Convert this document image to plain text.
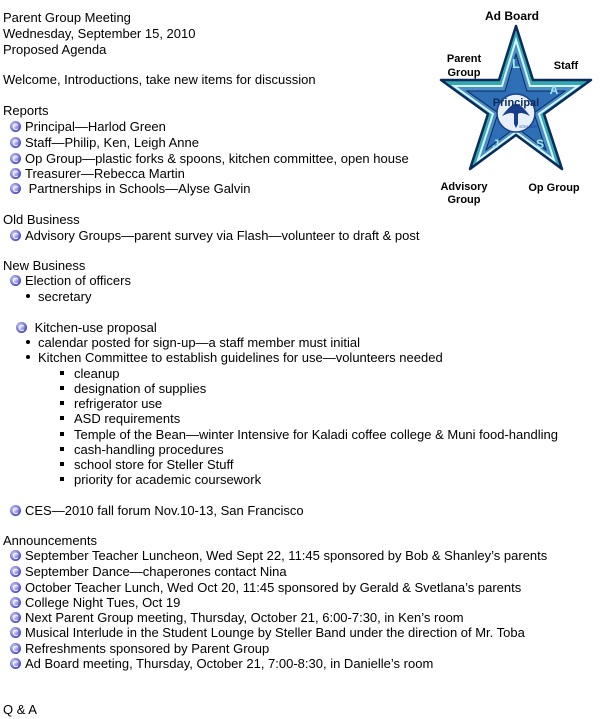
Parent Group Meeting
Wednesday, September 15, 2010
Proposed Agenda
Welcome, Introductions, take new items for discussion
Reports
Principal—Harlod Green
Staff—Philip, Ken, Leigh Anne
Op Group—plastic forks & spoons, kitchen committee, open house
Treasurer—Rebecca Martin
Partnerships in Schools—Alyse Galvin
Old Business
Advisory Groups—parent survey via Flash—volunteer to draft & post
New Business
Election of officers
secretary
Kitchen-use proposal
calendar posted for sign-up—a staff member must initial
Kitchen Committee to establish guidelines for use—volunteers needed
cleanup
designation of supplies
refrigerator use
ASD requirements
Temple of the Bean—winter Intensive for Kaladi coffee college & Muni food-handling
cash-handling procedures
school store for Steller Stuff
priority for academic coursework
CES—2010 fall forum Nov.10-13, San Francisco
Announcements
September Teacher Luncheon, Wed Sept 22, 11:45 sponsored by Bob & Shanley’s parents
September Dance—chaperones contact Nina
October Teacher Lunch, Wed Oct 20, 11:45 sponsored by Gerald & Svetlana’s parents
College Night Tues, Oct 19
Next Parent Group meeting, Thursday, October 21, 6:00-7:30, in Ken’s room
Musical Interlude in the Student Lounge by Steller Band under the direction of Mr. Toba
Refreshments sponsored by Parent Group
Ad Board meeting, Thursday, October 21, 7:00-8:30, in Danielle’s room
Q & A
Ad Board
Parent
Group
Staff
Advisory
Group
Op Group
L
A
J	S
Principal
STELLER
